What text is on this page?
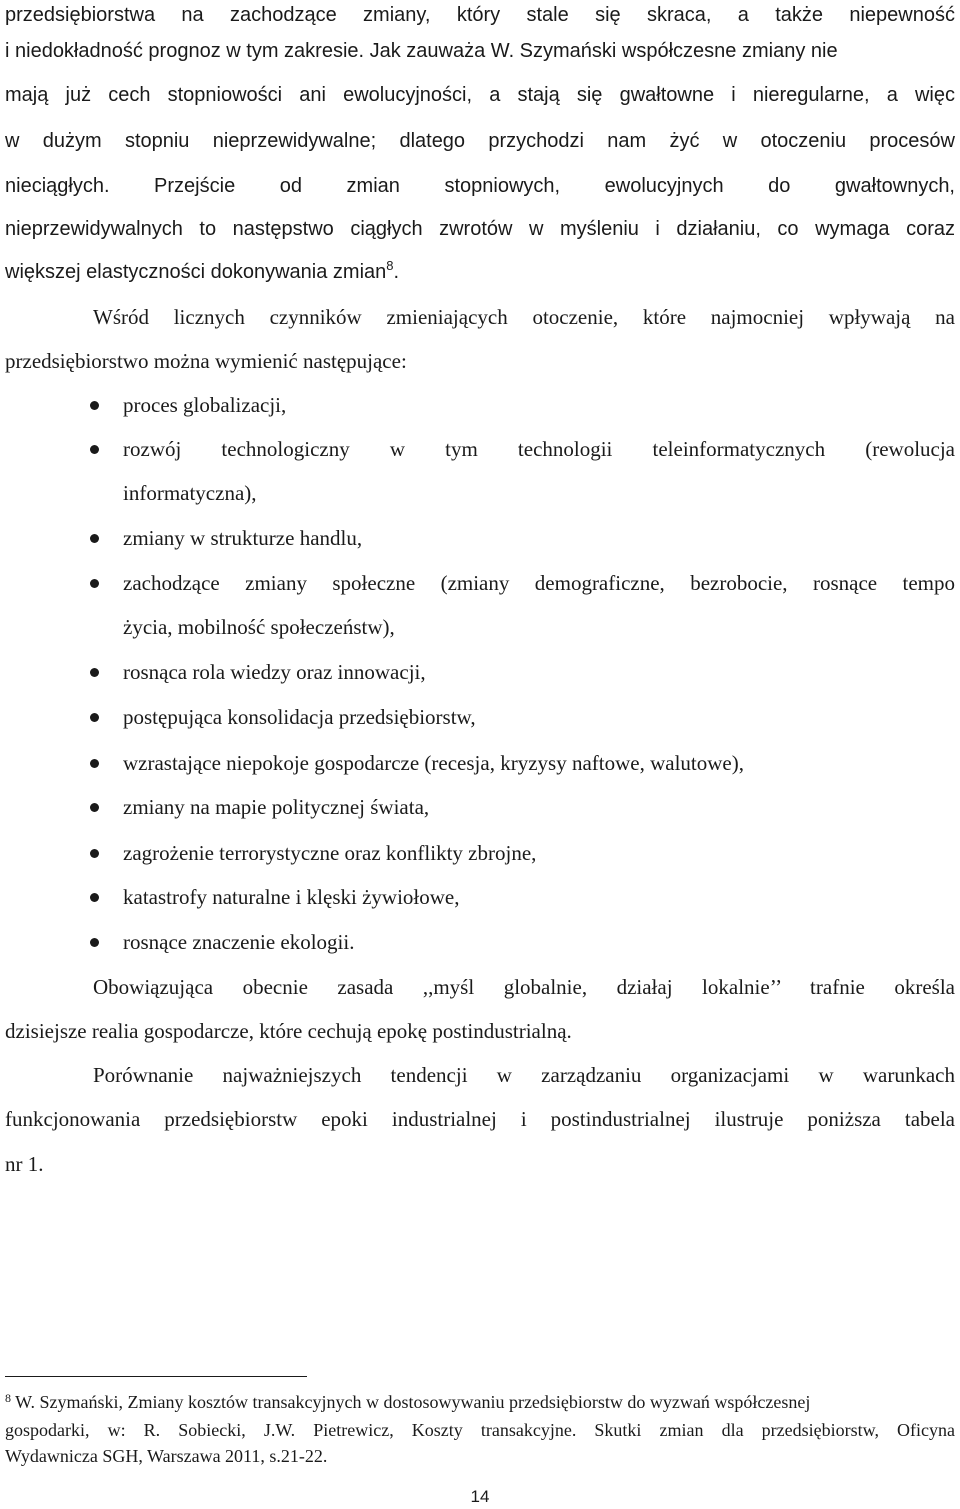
przedsiębiorstwa na zachodzące zmiany, który stale się skraca, a także niepewność
i niedokładność prognoz w tym zakresie. Jak zauważa W. Szymański współczesne zmiany nie
mają już cech stopniowości ani ewolucyjności, a stają się gwałtowne i nieregularne, a więc
w dużym stopniu nieprzewidywalne; dlatego przychodzi nam żyć w otoczeniu procesów
nieciągłych. Przejście od zmian stopniowych, ewolucyjnych do gwałtownych,
nieprzewidywalnych to następstwo ciągłych zwrotów w myśleniu i działaniu, co wymaga coraz
większej elastyczności dokonywania zmian$^8$.
Wśród licznych czynników zmieniających otoczenie, które najmocniej wpływają na
przedsiębiorstwo można wymienić następujące:
proces globalizacji,
rozwój technologiczny w tym technologii teleinformatycznych (rewolucja
informatyczna),
zmiany w strukturze handlu,
zachodzące zmiany społeczne (zmiany demograficzne, bezrobocie, rosnące tempo
życia, mobilność społeczeństw),
rosnąca rola wiedzy oraz innowacji,
postępująca konsolidacja przedsiębiorstw,
wzrastające niepokoje gospodarcze (recesja, kryzysy naftowe, walutowe),
zmiany na mapie politycznej świata,
zagrożenie terrorystyczne oraz konflikty zbrojne,
katastrofy naturalne i klęski żywiołowe,
rosnące znaczenie ekologii.
Obowiązująca obecnie zasada ,,myśl globalnie, działaj lokalnie’’ trafnie określa
dzisiejsze realia gospodarcze, które cechują epokę postindustrialną.
Porównanie najważniejszych tendencji w zarządzaniu organizacjami w warunkach
funkcjonowania przedsiębiorstw epoki industrialnej i postindustrialnej ilustruje poniższa tabela
nr 1.
$^8$ W. Szymański, Zmiany kosztów transakcyjnych w dostosowywaniu przedsiębiorstw do wyzwań współczesnej
gospodarki, w: R. Sobiecki, J.W. Pietrewicz, Koszty transakcyjne. Skutki zmian dla przedsiębiorstw, Oficyna
Wydawnicza SGH, Warszawa 2011, s.21-22.
14
